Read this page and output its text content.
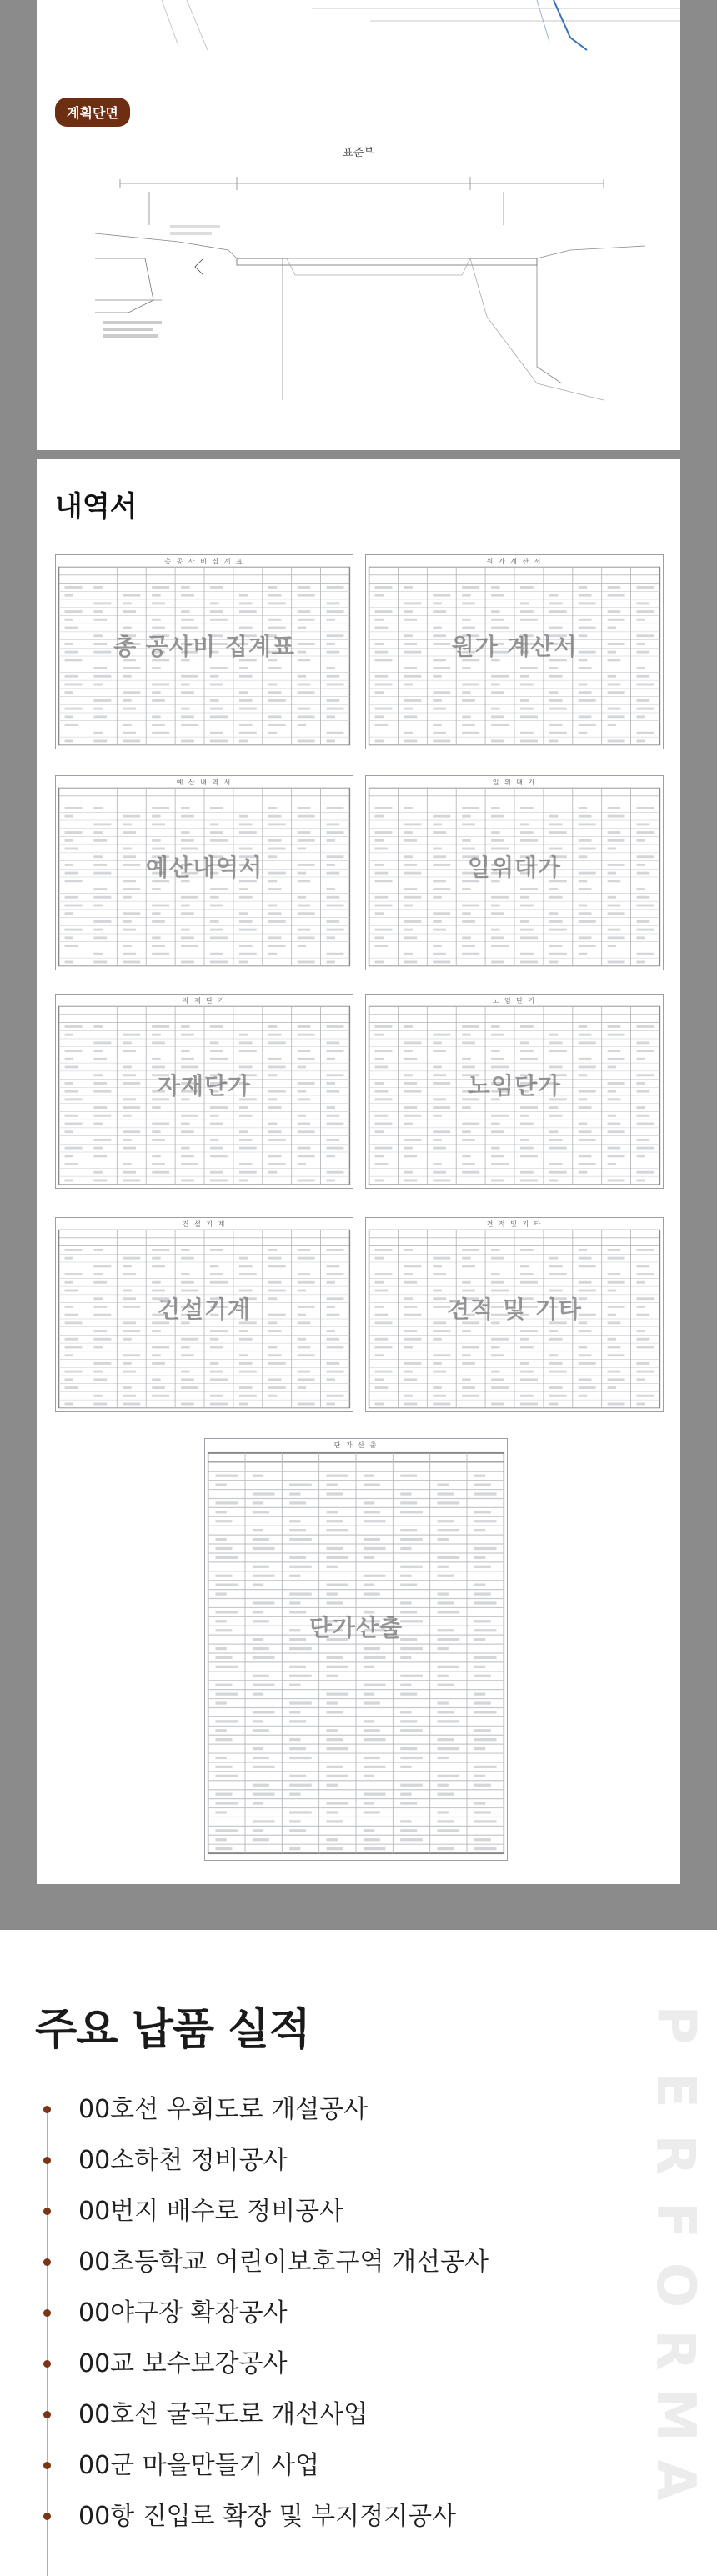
계획단면
표준부
내역서
총 공 사 비 집 계 표
총 공사비 집계표
원 가 계 산 서
원가 계산서
예 산 내 역 서
예산내역서
일 위 대 가
일위대가
자 재 단 가
자재단가
노 임 단 가
노임단가
건 설 기 계
건설기계
견 적 및 기 타
견적 및 기타
단 가 산 출
단가산출
주요 납품 실적	P
E
R
F
O
R
M
A
00호선 우회도로 개설공사
00소하천 정비공사
00번지 배수로 정비공사
00초등학교 어린이보호구역 개선공사
00야구장 확장공사
00교 보수보강공사
00호선 굴곡도로 개선사업
00군 마을만들기 사업
00항 진입로 확장 및 부지정지공사
